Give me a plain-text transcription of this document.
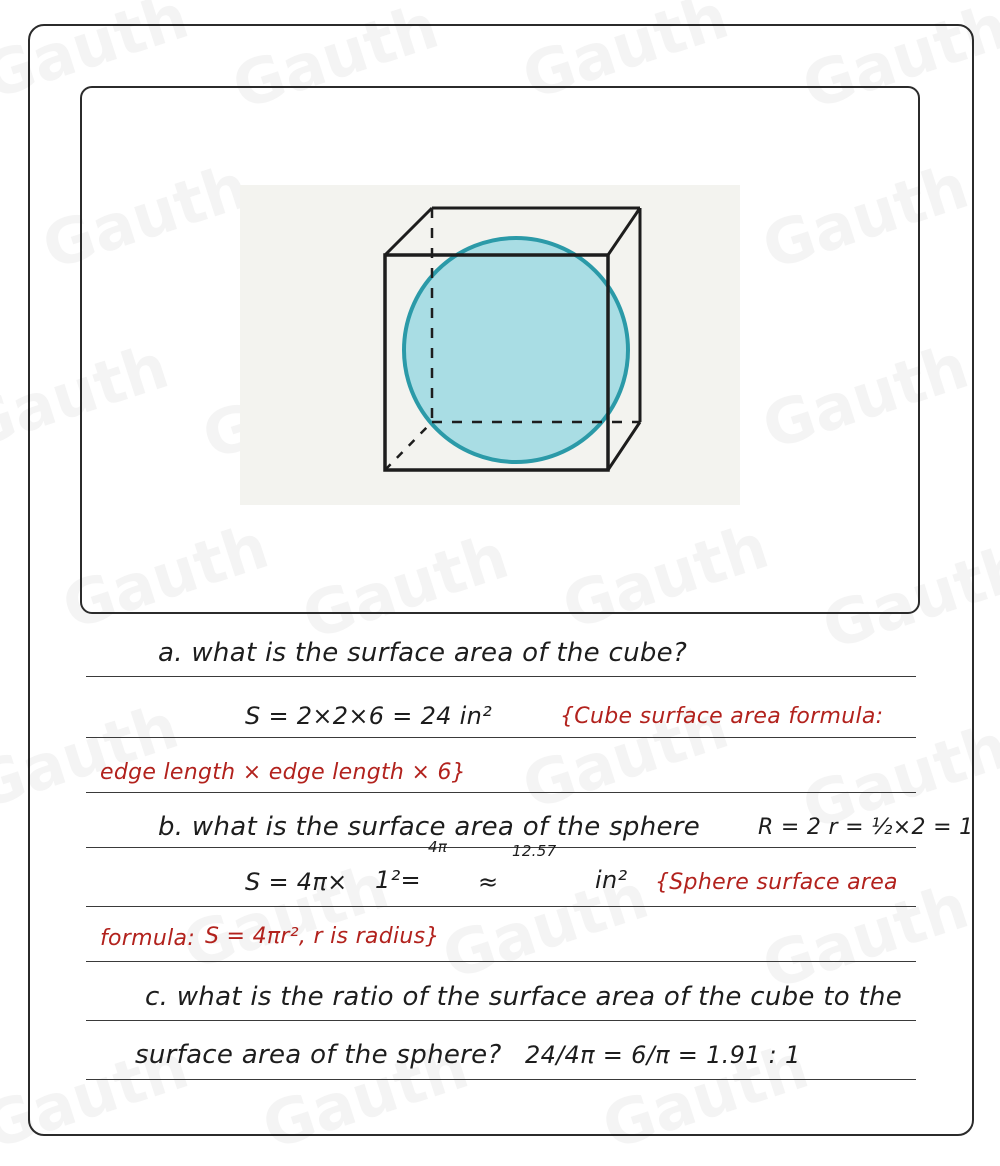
a. what is the surface area of the cube?
S = 2×2×6 = 24 in²	{Cube surface area formula:
edge length × edge length × 6}
b. what is the surface area of the sphere	R = 2 r = ½×2 = 1
4π	12.57
S = 4π× 1²= ≈	in² {Sphere surface area
formula: S = 4πr², r is radius}
c. what is the ratio of the surface area of the cube to the
surface area of the sphere? 24/4π = 6/π = 1.91 : 1
